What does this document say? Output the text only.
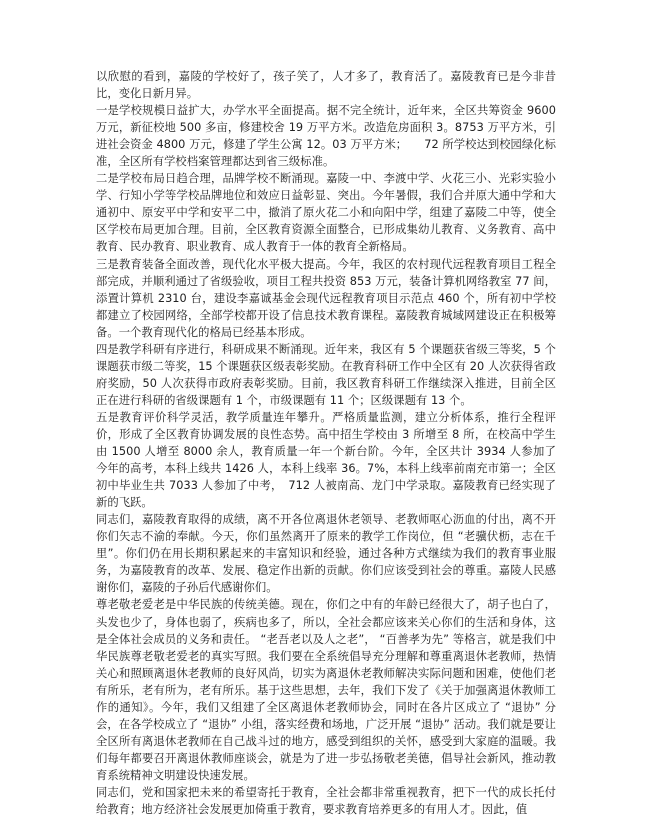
以欣慰的看到，嘉陵的学校好了，孩子笑了，人才多了，教育活了。嘉陵教育已是今非昔比，变化日新月异。

一是学校规模日益扩大，办学水平全面提高。据不完全统计，近年来，全区共筹资金 9600 万元，新征校地 500 多亩，修建校舍 19 万平方米。改造危房面积 3。8753 万平方米，引进社会资金 4800 万元，修建了学生公寓 12。03 万平方米；　　72 所学校达到校园绿化标准，全区所有学校档案管理都达到省三级标准。

二是学校布局日趋合理，品牌学校不断涌现。嘉陵一中、李渡中学、火花三小、光彩实验小学、行知小学等学校品牌地位和效应日益彰显、突出。今年暑假，我们合并原大通中学和大通初中、原安平中学和安平二中，撤消了原火花二小和向阳中学，组建了嘉陵二中等，使全区学校布局更加合理。目前，全区教育资源全面整合，已形成集幼儿教育、义务教育、高中教育、民办教育、职业教育、成人教育于一体的教育全新格局。

三是教育装备全面改善，现代化水平极大提高。今年，我区的农村现代远程教育项目工程全部完成，并顺利通过了省级验收，项目工程共投资 853 万元，装备计算机网络教室 77 间，添置计算机 2310 台，建设李嘉诚基金会现代远程教育项目示范点 460 个，所有初中学校都建立了校园网络，全部学校都开设了信息技术教育课程。嘉陵教育城域网建设正在积极筹备。一个教育现代化的格局已经基本形成。

四是教学科研有序进行，科研成果不断涌现。近年来，我区有 5 个课题获省级三等奖，5 个课题获市级二等奖，15 个课题获区级表彰奖励。在教育科研工作中全区有 20 人次获得省政府奖励，50 人次获得市政府表彰奖励。目前，我区教育科研工作继续深入推进，目前全区正在进行科研的省级课题有 1 个，市级课题有 11 个；区级课题有 13 个。

五是教育评价科学灵活，教学质量连年攀升。严格质量监测，建立分析体系，推行全程评价，形成了全区教育协调发展的良性态势。高中招生学校由 3 所增至 8 所，在校高中学生由 1500 人增至 8000 余人，教育质量一年一个新台阶。今年，全区共计 3934 人参加了今年的高考，本科上线共 1426 人，本科上线率 36。7%，本科上线率前南充市第一；全区初中毕业生共 7033 人参加了中考，　712 人被南高、龙门中学录取。嘉陵教育已经实现了新的飞跃。

同志们，嘉陵教育取得的成绩，离不开各位离退休老领导、老教师呕心沥血的付出，离不开你们矢志不渝的奉献。今天，你们虽然离开了原来的教学工作岗位，但 “老骥伏枥，志在千里”。你们仍在用长期积累起来的丰富知识和经验，通过各种方式继续为我们的教育事业服务，为嘉陵教育的改革、发展、稳定作出新的贡献。你们应该受到社会的尊重。嘉陵人民感谢你们，嘉陵的子孙后代感谢你们。

尊老敬老爱老是中华民族的传统美德。现在，你们之中有的年龄已经很大了，胡子也白了，头发也少了，身体也弱了，疾病也多了，所以，全社会都应该来关心你们的生活和身体，这是全体社会成员的义务和责任。 “老吾老以及人之老”， “百善孝为先” 等格言，就是我们中华民族尊老敬老爱老的真实写照。我们要在全系统倡导充分理解和尊重离退休老教师，热情关心和照顾离退休老教师的良好风尚，切实为离退休老教师解决实际问题和困难，使他们老有所乐，老有所为，老有所乐。基于这些思想，去年，我们下发了《关于加强离退休教师工作的通知》。今年，我们又组建了全区离退休老教师协会，同时在各片区成立了 “退协” 分会，在各学校成立了 “退协” 小组，落实经费和场地，广泛开展 “退协” 活动。我们就是要让全区所有离退休老教师在自己战斗过的地方，感受到组织的关怀，感受到大家庭的温暖。我们每年都要召开离退休教师座谈会，就是为了进一步弘扬敬老美德，倡导社会新风，推动教育系统精神文明建设快速发展。

同志们，党和国家把未来的希望寄托于教育，全社会都非常重视教育，把下一代的成长托付给教育；地方经济社会发展更加倚重于教育，要求教育培养更多的有用人才。因此，值
